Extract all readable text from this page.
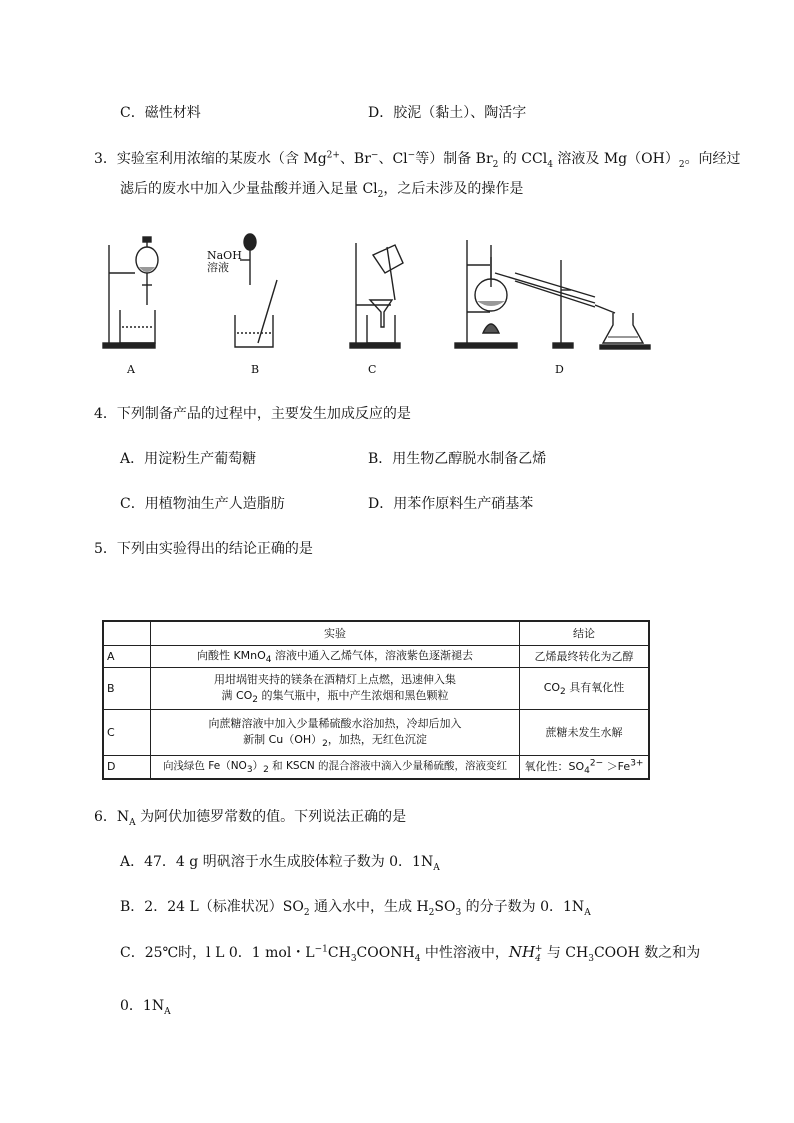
C．磁性材料	D．胶泥（黏土）、陶活字
3．实验室利用浓缩的某废水（含 $Mg^{2+}$、Br−、Cl−等）制备 $Br_2$ 的 CCl$_4$ 溶液及 $Mg(OH)_2$。向经过
滤后的废水中加入少量盐酸并通入足量 $Cl_2$，之后未涉及的操作是
NaOH
溶液
A	B	C	D
4．下列制备产品的过程中，主要发生加成反应的是
A．用淀粉生产葡萄糖	B．用生物乙醇脱水制备乙烯
C．用植物油生产人造脂肪	D．用苯作原料生产硝基苯
5．下列由实验得出的结论正确的是
	实验	结论
A	向酸性 KMnO$_4$ 溶液中通入乙烯气体，溶液紫色逐渐褪去	乙烯最终转化为乙醇
B	用坩埚钳夹持的镁条在酒精灯上点燃，迅速伸入集
满 $CO_2$ 的集气瓶中，瓶中产生浓烟和黑色颗粒	$CO_2$ 具有氧化性
C	向蔗糖溶液中加入少量稀硫酸水浴加热，冷却后加入
新制 $Cu(OH)_2$，加热，无红色沉淀	蔗糖未发生水解
D	向浅绿色 $Fe(NO_3)_2$ 和 KSCN 的混合溶液中滴入少量稀硫酸，溶液变红	氧化性：$SO_4^{2-} >Fe^{3+}$
6．$N_A$ 为阿伏加德罗常数的值。下列说法正确的是
A．47．4 g 明矾溶于水生成胶体粒子数为 0．$1N_A$
B．2．24 L（标准状况）$SO_2$ 通入水中，生成 $H_2SO_3$ 的分子数为 0．$1N_A$
C．25℃时，l L 0．1 mol・$L^{-1}CH_3COONH_4$ 中性溶液中，$NH_4^+$ 与 $CH_3COOH$ 数之和为
0．$1N_A$
